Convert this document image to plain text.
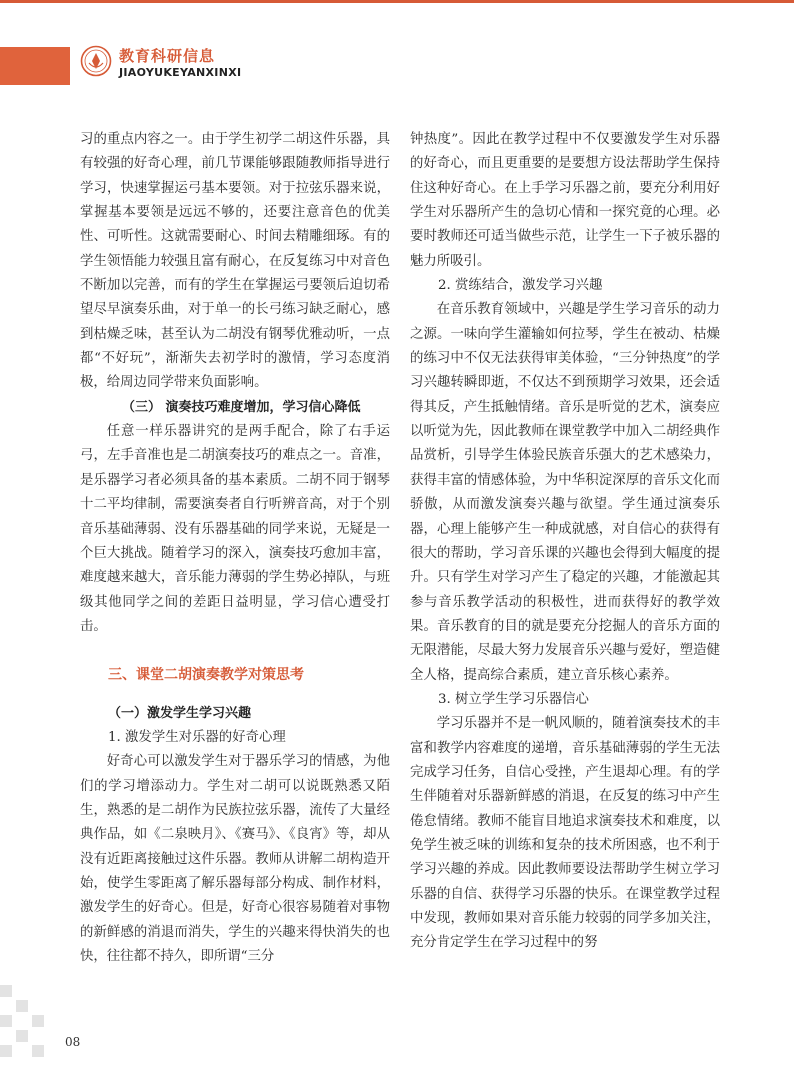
教育科研信息
JIAOYUKEYANXINXI

习的重点内容之一。由于学生初学二胡这件乐器，具有较强的好奇心理，前几节课能够跟随教师指导进行学习，快速掌握运弓基本要领。对于拉弦乐器来说，掌握基本要领是远远不够的，还要注意音色的优美性、可听性。这就需要耐心、时间去精雕细琢。有的学生领悟能力较强且富有耐心，在反复练习中对音色不断加以完善，而有的学生在掌握运弓要领后迫切希望尽早演奏乐曲，对于单一的长弓练习缺乏耐心，感到枯燥乏味，甚至认为二胡没有钢琴优雅动听，一点都“不好玩”，渐渐失去初学时的激情，学习态度消极，给周边同学带来负面影响。

（三） 演奏技巧难度增加，学习信心降低

任意一样乐器讲究的是两手配合，除了右手运弓，左手音准也是二胡演奏技巧的难点之一。音准，是乐器学习者必须具备的基本素质。二胡不同于钢琴十二平均律制，需要演奏者自行听辨音高，对于个别音乐基础薄弱、没有乐器基础的同学来说，无疑是一个巨大挑战。随着学习的深入，演奏技巧愈加丰富，难度越来越大，音乐能力薄弱的学生势必掉队，与班级其他同学之间的差距日益明显，学习信心遭受打击。

三、课堂二胡演奏教学对策思考

（一）激发学生学习兴趣

1. 激发学生对乐器的好奇心理

好奇心可以激发学生对于器乐学习的情感，为他们的学习增添动力。学生对二胡可以说既熟悉又陌生，熟悉的是二胡作为民族拉弦乐器，流传了大量经典作品，如《二泉映月》、《赛马》、《良宵》等，却从没有近距离接触过这件乐器。教师从讲解二胡构造开始，使学生零距离了解乐器每部分构成、制作材料，激发学生的好奇心。但是，好奇心很容易随着对事物的新鲜感的消退而消失，学生的兴趣来得快消失的也快，往往都不持久，即所谓“三分

钟热度”。因此在教学过程中不仅要激发学生对乐器的好奇心，而且更重要的是要想方设法帮助学生保持住这种好奇心。在上手学习乐器之前，要充分利用好学生对乐器所产生的急切心情和一探究竟的心理。必要时教师还可适当做些示范，让学生一下子被乐器的魅力所吸引。

2. 赏练结合，激发学习兴趣

在音乐教育领域中，兴趣是学生学习音乐的动力之源。一味向学生灌输如何拉琴，学生在被动、枯燥的练习中不仅无法获得审美体验，“三分钟热度”的学习兴趣转瞬即逝，不仅达不到预期学习效果，还会适得其反，产生抵触情绪。音乐是听觉的艺术，演奏应以听觉为先，因此教师在课堂教学中加入二胡经典作品赏析，引导学生体验民族音乐强大的艺术感染力，获得丰富的情感体验，为中华积淀深厚的音乐文化而骄傲，从而激发演奏兴趣与欲望。学生通过演奏乐器，心理上能够产生一种成就感，对自信心的获得有很大的帮助，学习音乐课的兴趣也会得到大幅度的提升。只有学生对学习产生了稳定的兴趣，才能激起其参与音乐教学活动的积极性，进而获得好的教学效果。音乐教育的目的就是要充分挖掘人的音乐方面的无限潜能，尽最大努力发展音乐兴趣与爱好，塑造健全人格，提高综合素质，建立音乐核心素养。

3. 树立学生学习乐器信心

学习乐器并不是一帆风顺的，随着演奏技术的丰富和教学内容难度的递增，音乐基础薄弱的学生无法完成学习任务，自信心受挫，产生退却心理。有的学生伴随着对乐器新鲜感的消退，在反复的练习中产生倦怠情绪。教师不能盲目地追求演奏技术和难度，以免学生被乏味的训练和复杂的技术所困惑，也不利于学习兴趣的养成。因此教师要设法帮助学生树立学习乐器的自信、获得学习乐器的快乐。在课堂教学过程中发现，教师如果对音乐能力较弱的同学多加关注，充分肯定学生在学习过程中的努

08
